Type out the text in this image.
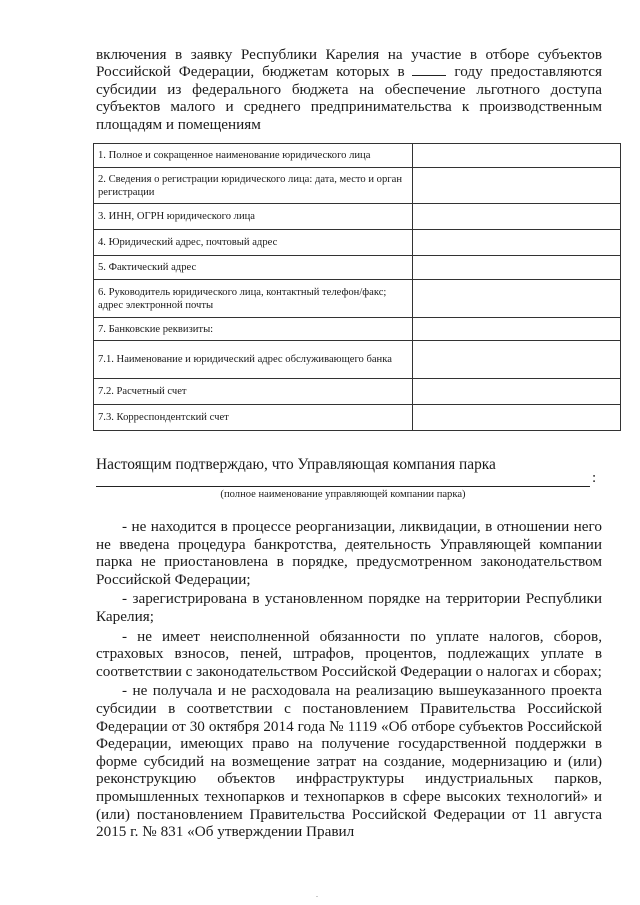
включения в заявку Республики Карелия на участие в отборе субъектов Российской Федерации, бюджетам которых в	году предоставляются субсидии из федерального бюджета на обеспечение льготного доступа субъектов малого и среднего предпринимательства к производственным площадям и помещениям

1. Полное и сокращенное наименование юридического лица	
2. Сведения о регистрации юридического лица: дата, место и орган регистрации	
3. ИНН, ОГРН юридического лица	
4. Юридический адрес, почтовый адрес	
5. Фактический адрес	
6. Руководитель юридического лица, контактный телефон/факс; адрес электронной почты	
7. Банковские реквизиты:	
7.1. Наименование и юридический адрес обслуживающего банка	
7.2. Расчетный счет	
7.3. Корреспондентский счет	
Настоящим подтверждаю, что Управляющая компания парка
:
(полное наименование управляющей компании парка)

- не находится в процессе реорганизации, ликвидации, в отношении него не введена процедура банкротства, деятельность Управляющей компании парка не приостановлена в порядке, предусмотренном законодательством Российской Федерации;

- зарегистрирована в установленном порядке на территории Республики Карелия;

- не имеет неисполненной обязанности по уплате налогов, сборов, страховых взносов, пеней, штрафов, процентов, подлежащих уплате в соответствии с законодательством Российской Федерации о налогах и сборах;

- не получала и не расходовала на реализацию вышеуказанного проекта субсидии в соответствии с постановлением Правительства Российской Федерации от 30 октября 2014 года № 1119 «Об отборе субъектов Российской Федерации, имеющих право на получение государственной поддержки в форме субсидий на возмещение затрат на создание, модернизацию и (или) реконструкцию объектов инфраструктуры индустриальных парков, промышленных технопарков и технопарков в сфере высоких технологий» и (или) постановлением Правительства Российской Федерации от 11 августа 2015 г. № 831 «Об утверждении Правил

.
